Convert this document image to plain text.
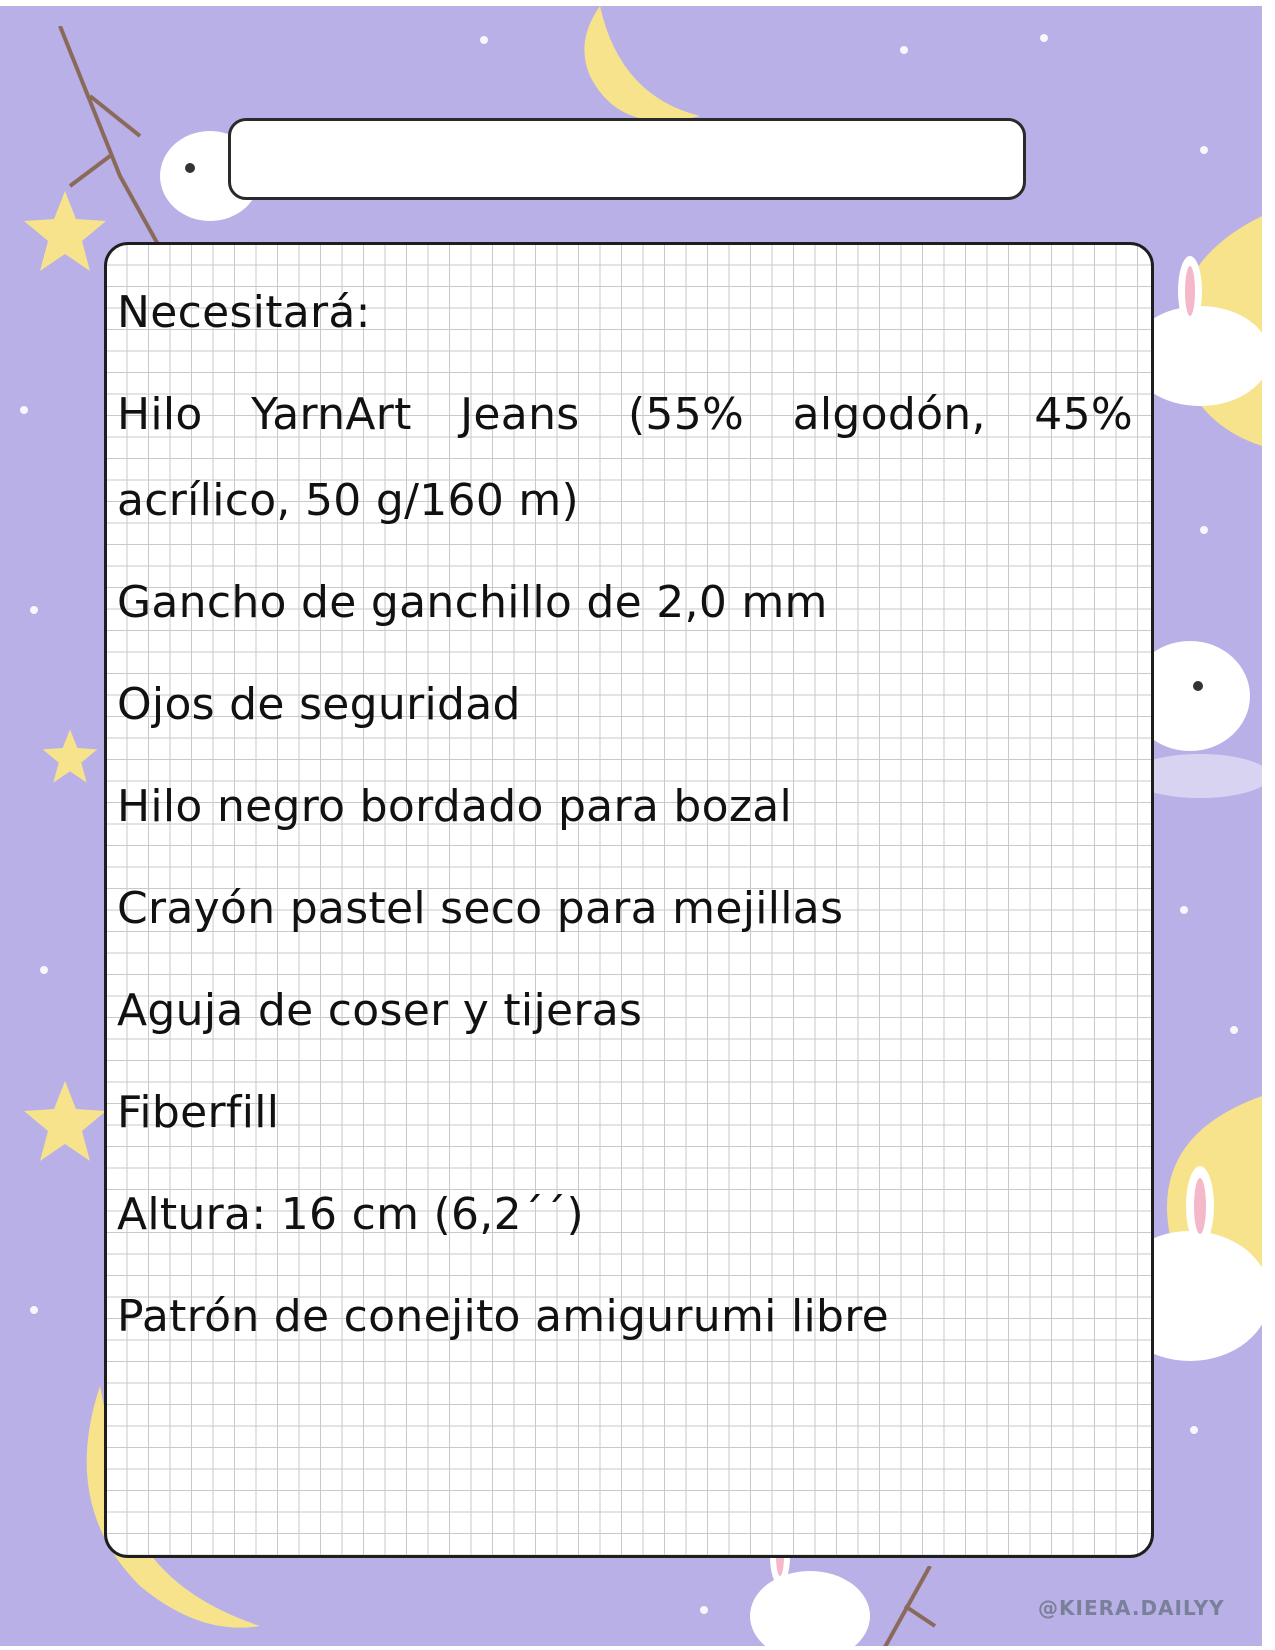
Necesitará:
Hilo YarnArt Jeans (55% algodón, 45%
acrílico, 50 g/160 m)
Gancho de ganchillo de 2,0 mm
Ojos de seguridad
Hilo negro bordado para bozal
Crayón pastel seco para mejillas
Aguja de coser y tijeras
Fiberfill
Altura: 16 cm (6,2´´)
Patrón de conejito amigurumi libre
@KIERA.DAILYY
